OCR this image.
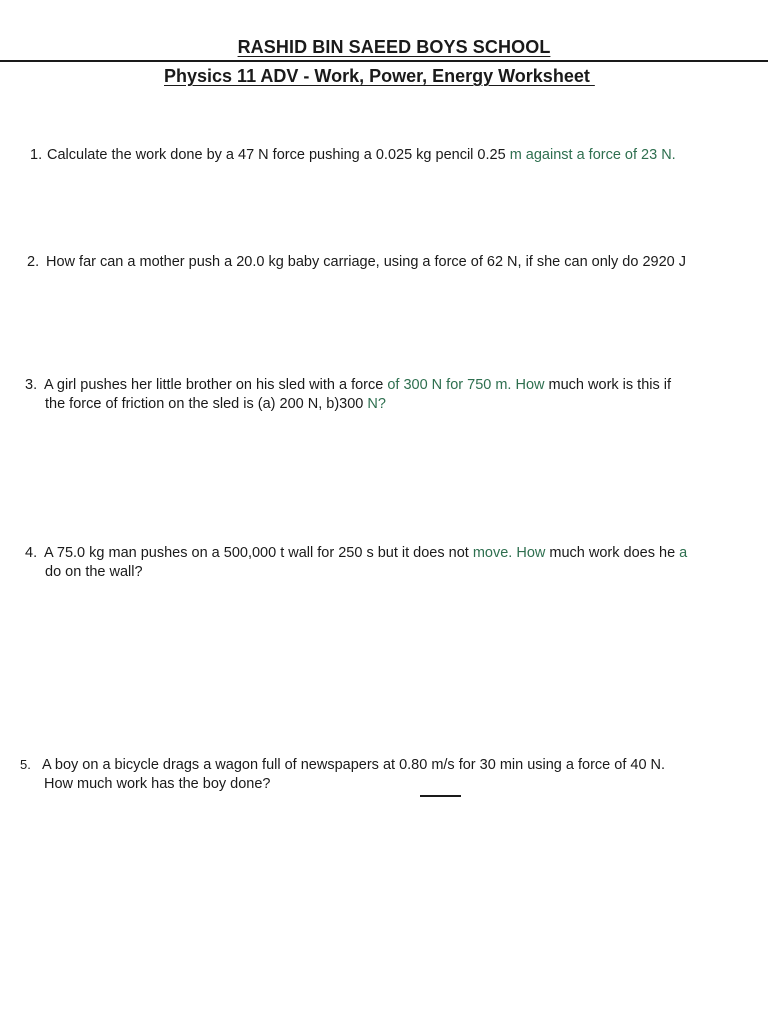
RASHID BIN SAEED BOYS SCHOOL
Physics 11 ADV - Work, Power, Energy Worksheet
1. Calculate the work done by a 47 N force pushing a 0.025 kg pencil 0.25 m against a force of 23 N.
2. How far can a mother push a 20.0 kg baby carriage, using a force of 62 N, if she can only do 2920 J
3. A girl pushes her little brother on his sled with a force of 300 N for 750 m. How much work is this if
the force of friction on the sled is (a) 200 N, b)300 N?
4. A 75.0 kg man pushes on a 500,000 t wall for 250 s but it does not move. How much work does he a
do on the wall?
5. A boy on a bicycle drags a wagon full of newspapers at 0.80 m/s for 30 min using a force of 40 N.
How much work has the boy done?
